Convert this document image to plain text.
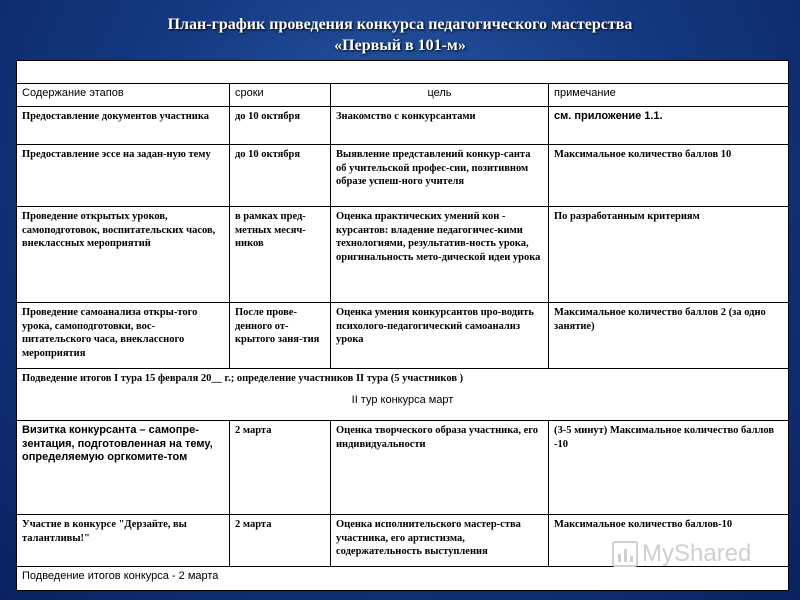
План-график проведения конкурса педагогического мастерства
«Первый в 101-м»

Содержание этапов	сроки	цель	примечание
Предоставление документов участника	до 10 октября	Знакомство с конкурсантами	см. приложение 1.1.
Предоставление эссе на задан-ную тему	до 10 октября	Выявление представлений конкур-санта об учительской профес-сии, позитивном образе успеш-ного учителя	Максимальное количество баллов 10
Проведение открытых уроков, самоподготовок, воспитательских часов, внеклассных мероприятий	в рамках пред-метных месяч-ников	Оценка практических умений кон - курсантов: владение педагогичес-кими технологиями, результатив-ность урока, оригинальность мето-дической идеи урока	По разработанным критериям
Проведение самоанализа откры-того урока, самоподготовки, вос-питательского часа, внеклассного мероприятия	После прове-денного от-крытого заня-тия	Оценка умения конкурсантов про-водить психолого-педагогический самоанализ урока	Максимальное количество баллов 2 (за одно занятие)

Подведение итогов I тура 15 февраля 20__ г.; определение участников II тура (5 участников )
II тур конкурса март			

Визитка конкурсанта – самопре-зентация, подготовленная на тему, определяемую оргкомите-том	2 марта	Оценка творческого образа участника, его индивидуальности	(3-5 минут) Максимальное количество баллов -10
Участие в конкурсе "Дерзайте, вы талантливы!"	2 марта	Оценка исполнительского мастер-ства участника, его артистизма, содержательность выступления	Максимальное количество баллов-10
Подведение итогов конкурса - 2 марта			
MyShared
